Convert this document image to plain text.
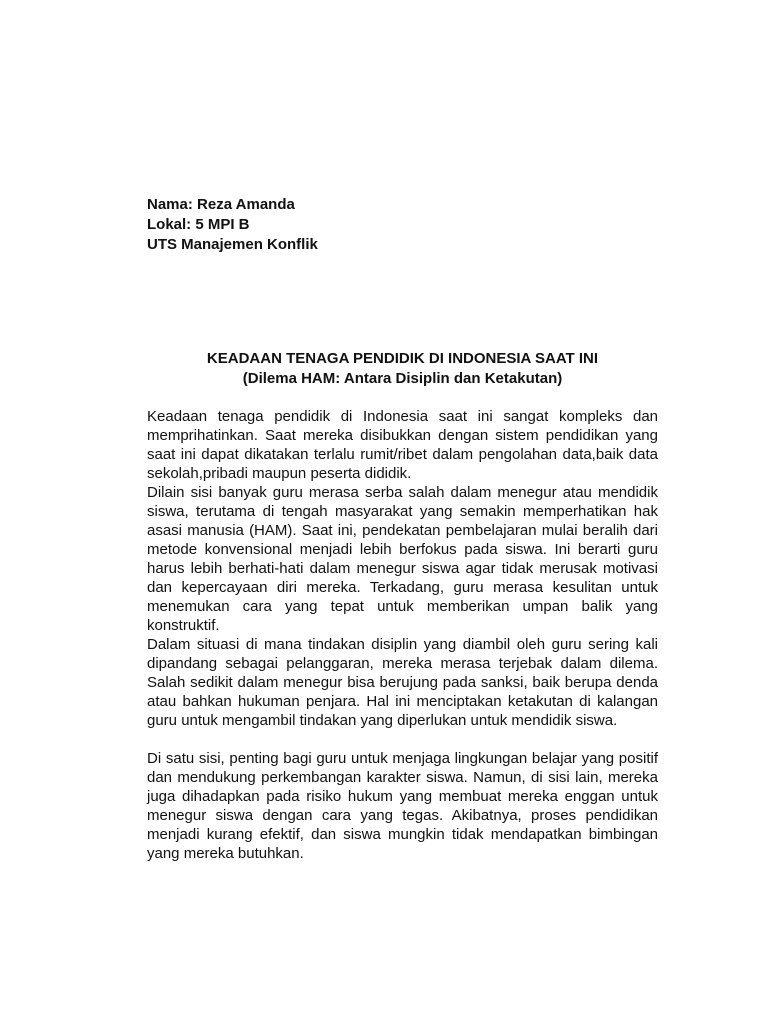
Nama: Reza Amanda
Lokal: 5 MPI B
UTS Manajemen Konflik
KEADAAN TENAGA PENDIDIK DI INDONESIA SAAT INI
(Dilema HAM: Antara Disiplin dan Ketakutan)

Keadaan tenaga pendidik di Indonesia saat ini sangat kompleks dan memprihatinkan. Saat mereka disibukkan dengan sistem pendidikan yang saat ini dapat dikatakan terlalu rumit/ribet dalam pengolahan data,baik data sekolah,pribadi maupun peserta dididik.

Dilain sisi banyak guru merasa serba salah dalam menegur atau mendidik siswa, terutama di tengah masyarakat yang semakin memperhatikan hak asasi manusia (HAM). Saat ini, pendekatan pembelajaran mulai beralih dari metode konvensional menjadi lebih berfokus pada siswa. Ini berarti guru harus lebih berhati-hati dalam menegur siswa agar tidak merusak motivasi dan kepercayaan diri mereka. Terkadang, guru merasa kesulitan untuk menemukan cara yang tepat untuk memberikan umpan balik yang konstruktif.

Dalam situasi di mana tindakan disiplin yang diambil oleh guru sering kali dipandang sebagai pelanggaran, mereka merasa terjebak dalam dilema. Salah sedikit dalam menegur bisa berujung pada sanksi, baik berupa denda atau bahkan hukuman penjara. Hal ini menciptakan ketakutan di kalangan guru untuk mengambil tindakan yang diperlukan untuk mendidik siswa.

Di satu sisi, penting bagi guru untuk menjaga lingkungan belajar yang positif dan mendukung perkembangan karakter siswa. Namun, di sisi lain, mereka juga dihadapkan pada risiko hukum yang membuat mereka enggan untuk menegur siswa dengan cara yang tegas. Akibatnya, proses pendidikan menjadi kurang efektif, dan siswa mungkin tidak mendapatkan bimbingan yang mereka butuhkan.
